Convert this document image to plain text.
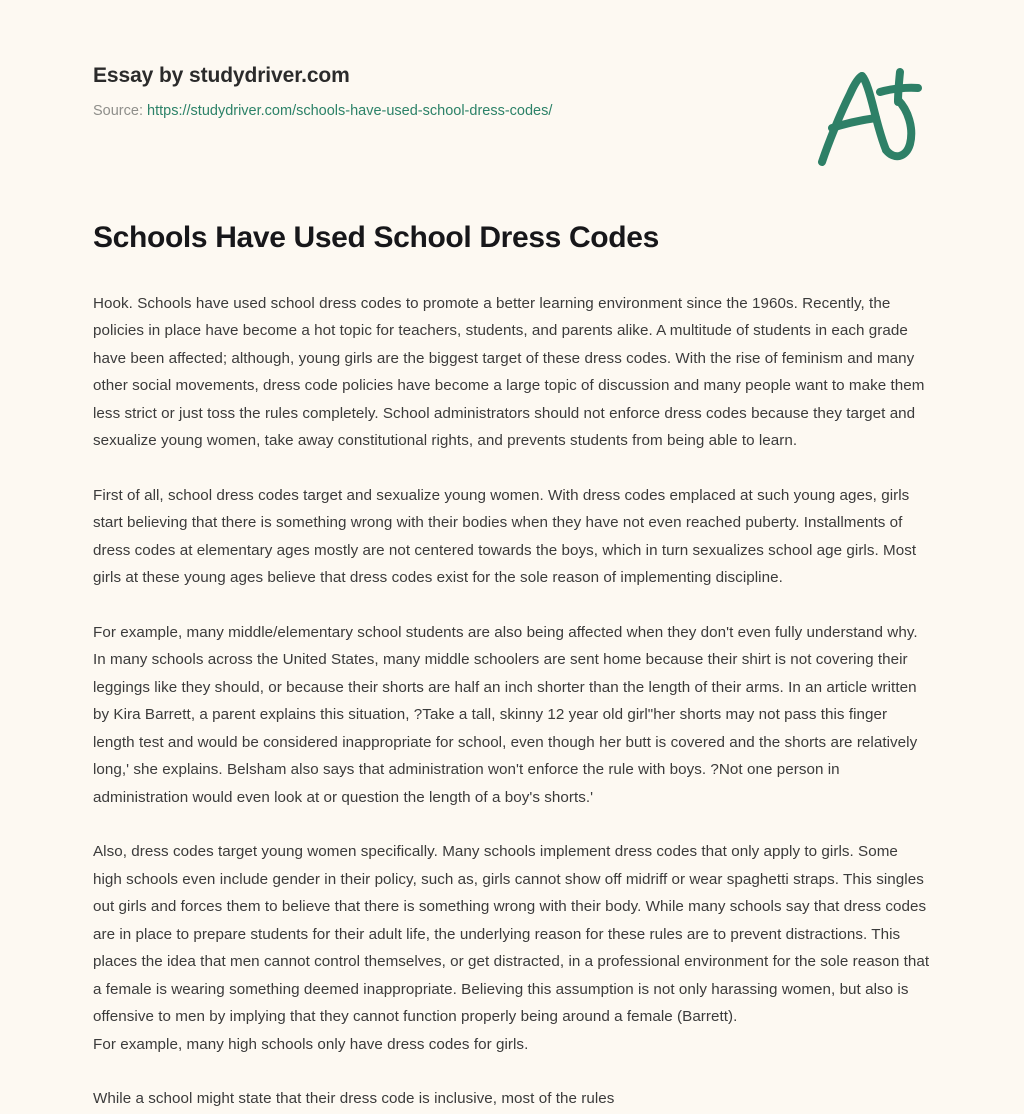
Essay by studydriver.com
Source: https://studydriver.com/schools-have-used-school-dress-codes/
Schools Have Used School Dress Codes

Hook. Schools have used school dress codes to promote a better learning environment since the 1960s. Recently, the policies in place have become a hot topic for teachers, students, and parents alike. A multitude of students in each grade have been affected; although, young girls are the biggest target of these dress codes. With the rise of feminism and many other social movements, dress code policies have become a large topic of discussion and many people want to make them less strict or just toss the rules completely. School administrators should not enforce dress codes because they target and sexualize young women, take away constitutional rights, and prevents students from being able to learn.

First of all, school dress codes target and sexualize young women. With dress codes emplaced at such young ages, girls start believing that there is something wrong with their bodies when they have not even reached puberty. Installments of dress codes at elementary ages mostly are not centered towards the boys, which in turn sexualizes school age girls. Most girls at these young ages believe that dress codes exist for the sole reason of implementing discipline.

For example, many middle/elementary school students are also being affected when they don't even fully understand why. In many schools across the United States, many middle schoolers are sent home because their shirt is not covering their leggings like they should, or because their shorts are half an inch shorter than the length of their arms. In an article written by Kira Barrett, a parent explains this situation, ?Take a tall, skinny 12 year old girl"her shorts may not pass this finger length test and would be considered inappropriate for school, even though her butt is covered and the shorts are relatively long,' she explains. Belsham also says that administration won't enforce the rule with boys. ?Not one person in administration would even look at or question the length of a boy's shorts.'

Also, dress codes target young women specifically. Many schools implement dress codes that only apply to girls. Some high schools even include gender in their policy, such as, girls cannot show off midriff or wear spaghetti straps. This singles out girls and forces them to believe that there is something wrong with their body. While many schools say that dress codes are in place to prepare students for their adult life, the underlying reason for these rules are to prevent distractions. This places the idea that men cannot control themselves, or get distracted, in a professional environment for the sole reason that a female is wearing something deemed inappropriate. Believing this assumption is not only harassing women, but also is offensive to men by implying that they cannot function properly being around a female (Barrett).
For example, many high schools only have dress codes for girls.

While a school might state that their dress code is inclusive, most of the rules
